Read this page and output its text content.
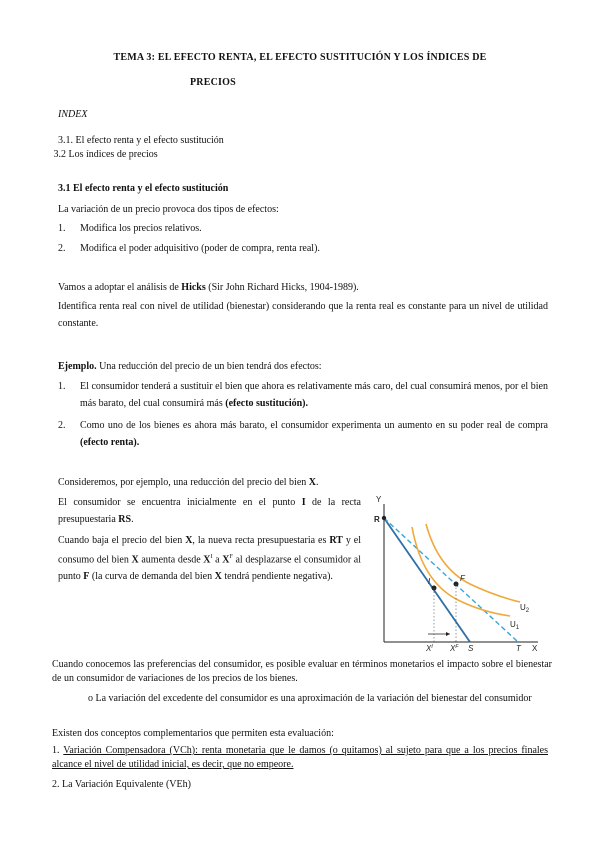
TEMA 3: EL EFECTO RENTA, EL EFECTO SUSTITUCIÓN Y LOS ÍNDICES DE
PRECIOS
INDEX
3.1. El efecto renta y el efecto sustitución
3.2 Los índices de precios
3.1 El efecto renta y el efecto sustitución
La variación de un precio provoca dos tipos de efectos:
1. Modifica los precios relativos.
2. Modifica el poder adquisitivo (poder de compra, renta real).
Vamos a adoptar el análisis de Hicks (Sir John Richard Hicks, 1904-1989).
Identifica renta real con nivel de utilidad (bienestar) considerando que la renta real es constante para un nivel de utilidad constante.
Ejemplo. Una reducción del precio de un bien tendrá dos efectos:
1. El consumidor tenderá a sustituir el bien que ahora es relativamente más caro, del cual consumirá menos, por el bien más barato, del cual consumirá más (efecto sustitución).
2. Como uno de los bienes es ahora más barato, el consumidor experimenta un aumento en su poder real de compra (efecto renta).
Consideremos, por ejemplo, una reducción del precio del bien X.
El consumidor se encuentra inicialmente en el punto I de la recta presupuestaria RS.
Cuando baja el precio del bien X, la nueva recta presupuestaria es RT y el consumo del bien X aumenta desde $X^I$ a $X^F$ al desplazarse el consumidor al punto F (la curva de demanda del bien X tendrá pendiente negativa).
Y
X
R
I	F
$U_2$
$U_1$
$X^I$ $X^F$ S	T
Cuando conocemos las preferencias del consumidor, es posible evaluar en términos monetarios el impacto sobre el bienestar de un consumidor de variaciones de los precios de los bienes.
o La variación del excedente del consumidor es una aproximación de la variación del bienestar del consumidor
Existen dos conceptos complementarios que permiten esta evaluación:
1. Variación Compensadora (VCh): renta monetaria que le damos (o quitamos) al sujeto para que a los precios finales alcance el nivel de utilidad inicial, es decir, que no empeore.
2. La Variación Equivalente (VEh)
